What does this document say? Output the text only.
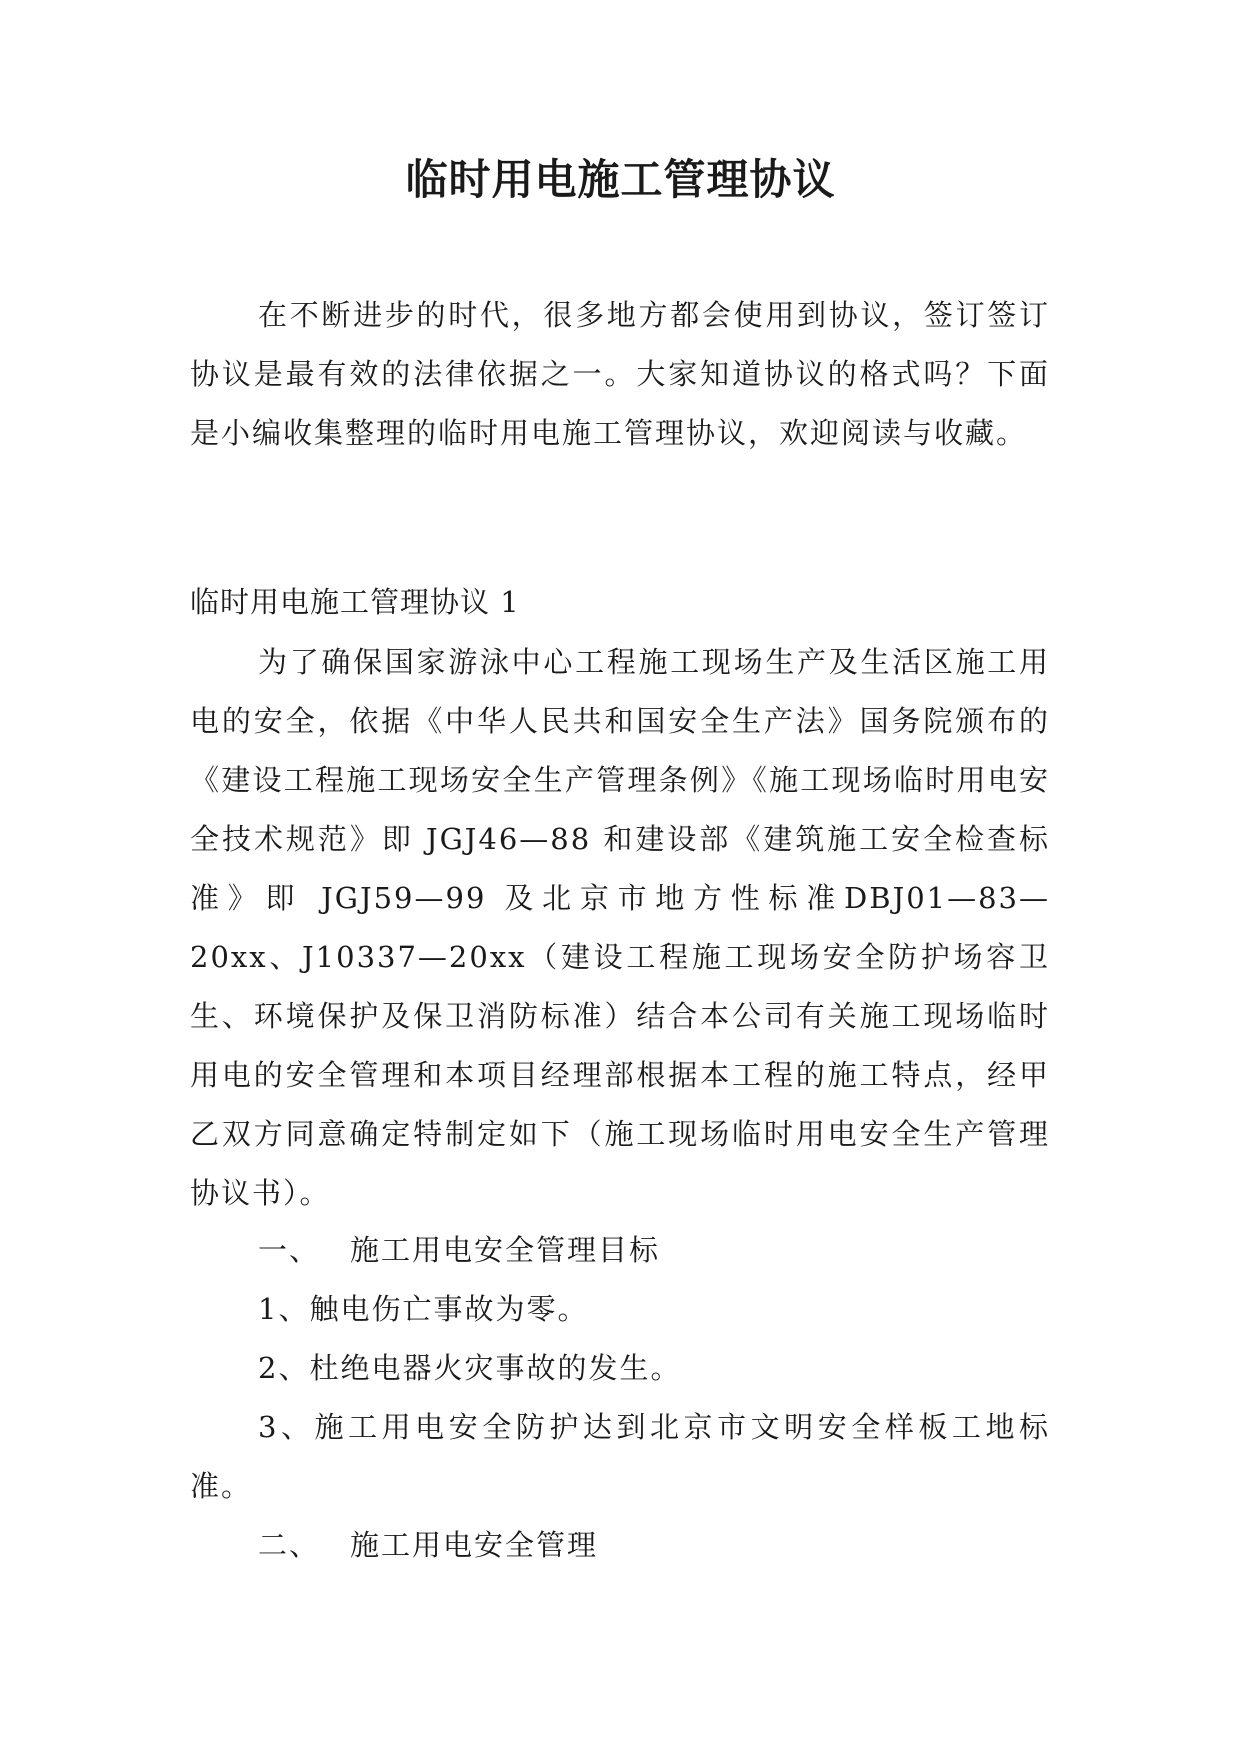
临时用电施工管理协议

在不断进步的时代，很多地方都会使用到协议，签订签订协议是最有效的法律依据之一。大家知道协议的格式吗？下面是小编收集整理的临时用电施工管理协议，欢迎阅读与收藏。

临时用电施工管理协议 1

为了确保国家游泳中心工程施工现场生产及生活区施工用电的安全，依据《中华人民共和国安全生产法》国务院颁布的《建设工程施工现场安全生产管理条例》《施工现场临时用电安全技术规范》即 JGJ46—88 和建设部《建筑施工安全检查标准》即 JGJ59—99 及北京市地方性标准DBJ01—83—20xx、J10337—20xx（建设工程施工现场安全防护场容卫生、环境保护及保卫消防标准）结合本公司有关施工现场临时用电的安全管理和本项目经理部根据本工程的施工特点，经甲乙双方同意确定特制定如下（施工现场临时用电安全生产管理协议书）。

一、 施工用电安全管理目标

1、触电伤亡事故为零。

2、杜绝电器火灾事故的发生。

3、施工用电安全防护达到北京市文明安全样板工地标准。

二、 施工用电安全管理
